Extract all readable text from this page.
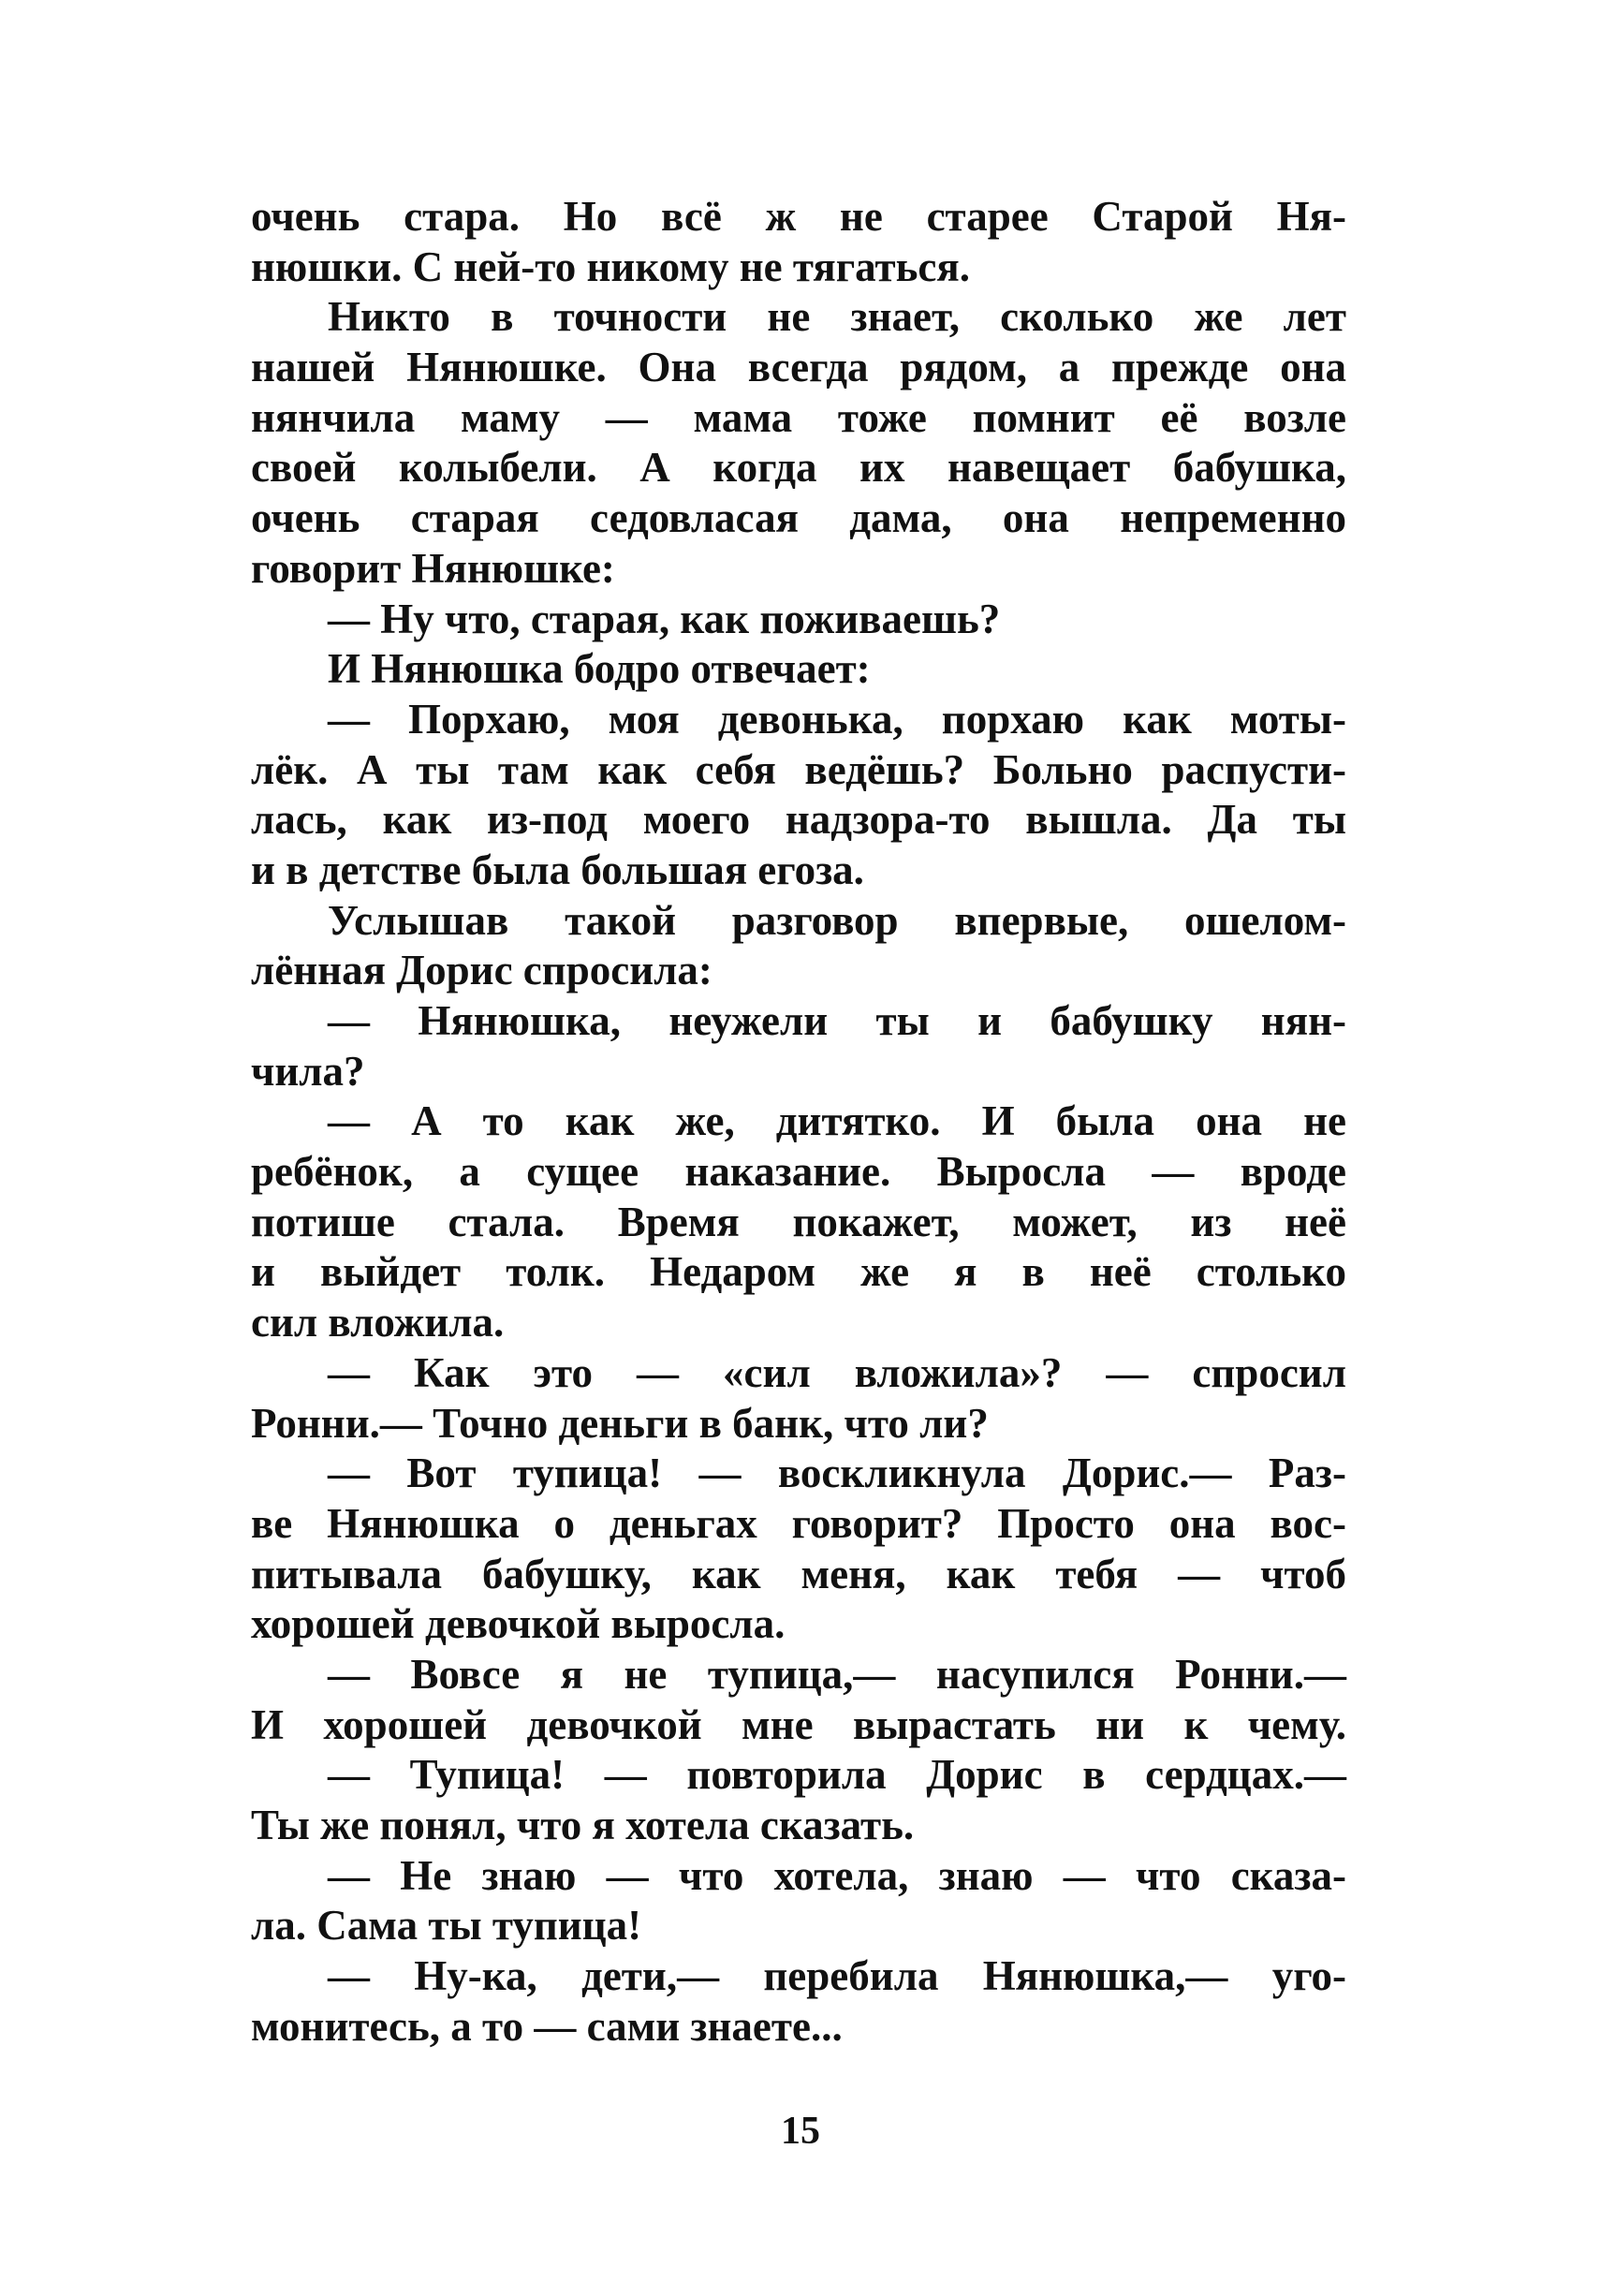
очень стара. Но всё ж не старее Старой Ня-
нюшки. С ней-то никому не тягаться.
Никто в точности не знает, сколько же лет
нашей Нянюшке. Она всегда рядом, а прежде она
нянчила маму — мама тоже помнит её возле
своей колыбели. А когда их навещает бабушка,
очень старая седовласая дама, она непременно
говорит Нянюшке:
— Ну что, старая, как поживаешь?
И Нянюшка бодро отвечает:
— Порхаю, моя девонька, порхаю как моты-
лёк. А ты там как себя ведёшь? Больно распусти-
лась, как из-под моего надзора-то вышла. Да ты
и в детстве была большая егоза.
Услышав такой разговор впервые, ошелом-
лённая Дорис спросила:
— Нянюшка, неужели ты и бабушку нян-
чила?
— А то как же, дитятко. И была она не
ребёнок, а сущее наказание. Выросла — вроде
потише стала. Время покажет, может, из неё
и выйдет толк. Недаром же я в неё столько
сил вложила.
— Как это — «сил вложила»? — спросил
Ронни.— Точно деньги в банк, что ли?
— Вот тупица! — воскликнула Дорис.— Раз-
ве Нянюшка о деньгах говорит? Просто она вос-
питывала бабушку, как меня, как тебя — чтоб
хорошей девочкой выросла.
— Вовсе я не тупица,— насупился Ронни.—
И хорошей девочкой мне вырастать ни к чему.
— Тупица! — повторила Дорис в сердцах.—
Ты же понял, что я хотела сказать.
— Не знаю — что хотела, знаю — что сказа-
ла. Сама ты тупица!
— Ну-ка, дети,— перебила Нянюшка,— уго-
монитесь, а то — сами знаете...
15
